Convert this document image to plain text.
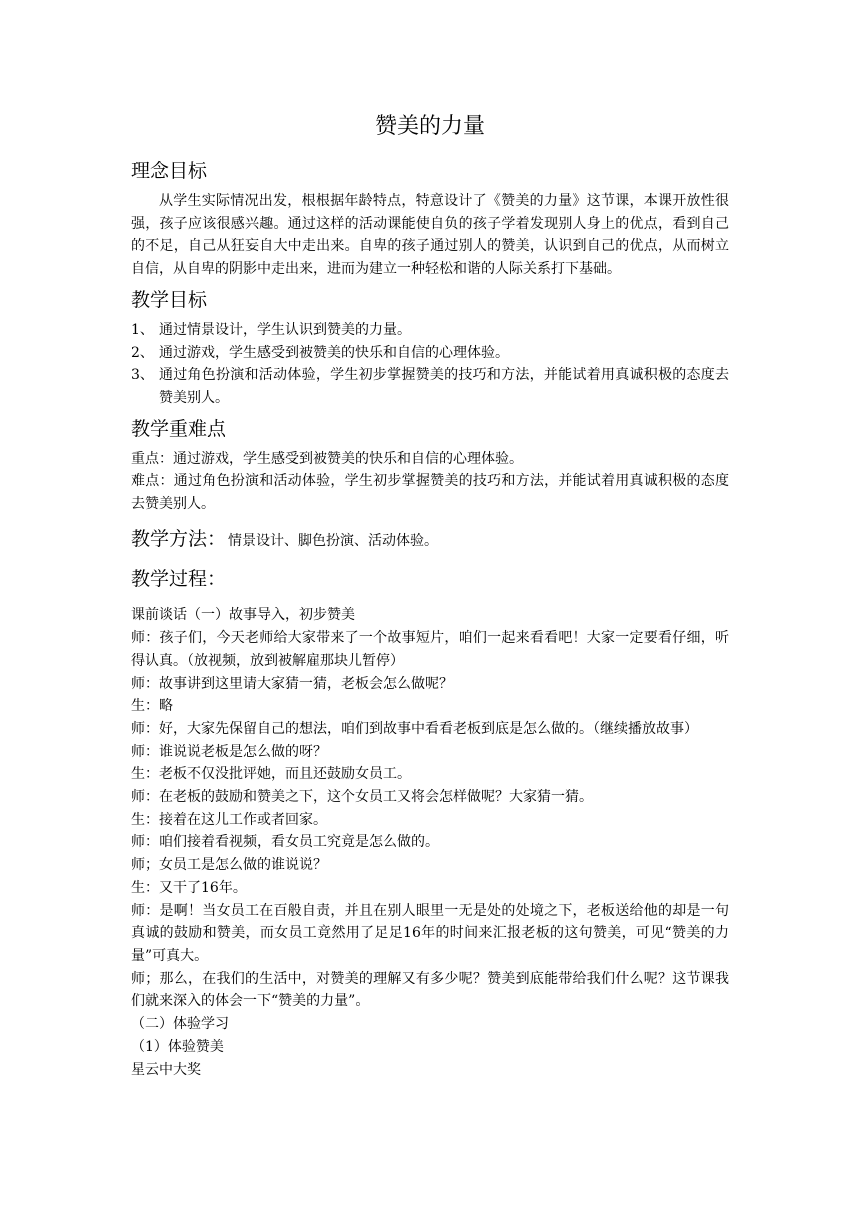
赞美的力量
理念目标

从学生实际情况出发，根根据年龄特点，特意设计了《赞美的力量》这节课，本课开放性很强，孩子应该很感兴趣。通过这样的活动课能使自负的孩子学着发现别人身上的优点，看到自己的不足，自己从狂妄自大中走出来。自卑的孩子通过别人的赞美，认识到自己的优点，从而树立自信，从自卑的阴影中走出来，进而为建立一种轻松和谐的人际关系打下基础。

教学目标
1、 通过情景设计，学生认识到赞美的力量。
2、 通过游戏，学生感受到被赞美的快乐和自信的心理体验。
3、 通过角色扮演和活动体验，学生初步掌握赞美的技巧和方法，并能试着用真诚积极的态度去赞美别人。
教学重难点

重点：通过游戏，学生感受到被赞美的快乐和自信的心理体验。

难点：通过角色扮演和活动体验，学生初步掌握赞美的技巧和方法，并能试着用真诚积极的态度去赞美别人。

教学方法： 情景设计、脚色扮演、活动体验。
教学过程：

课前谈话（一）故事导入，初步赞美

师：孩子们，今天老师给大家带来了一个故事短片，咱们一起来看看吧！大家一定要看仔细，听得认真。（放视频，放到被解雇那块儿暂停）

师：故事讲到这里请大家猜一猜，老板会怎么做呢？

生：略

师：好，大家先保留自己的想法，咱们到故事中看看老板到底是怎么做的。（继续播放故事）

师：谁说说老板是怎么做的呀？

生：老板不仅没批评她，而且还鼓励女员工。

师：在老板的鼓励和赞美之下，这个女员工又将会怎样做呢？大家猜一猜。

生：接着在这儿工作或者回家。

师：咱们接着看视频，看女员工究竟是怎么做的。

师；女员工是怎么做的谁说说？

生：又干了16年。

师：是啊！当女员工在百般自责，并且在别人眼里一无是处的处境之下，老板送给他的却是一句真诚的鼓励和赞美，而女员工竟然用了足足16年的时间来汇报老板的这句赞美，可见“赞美的力量”可真大。

师；那么，在我们的生活中，对赞美的理解又有多少呢？赞美到底能带给我们什么呢？这节课我们就来深入的体会一下“赞美的力量”。

（二）体验学习

（1）体验赞美

星云中大奖
